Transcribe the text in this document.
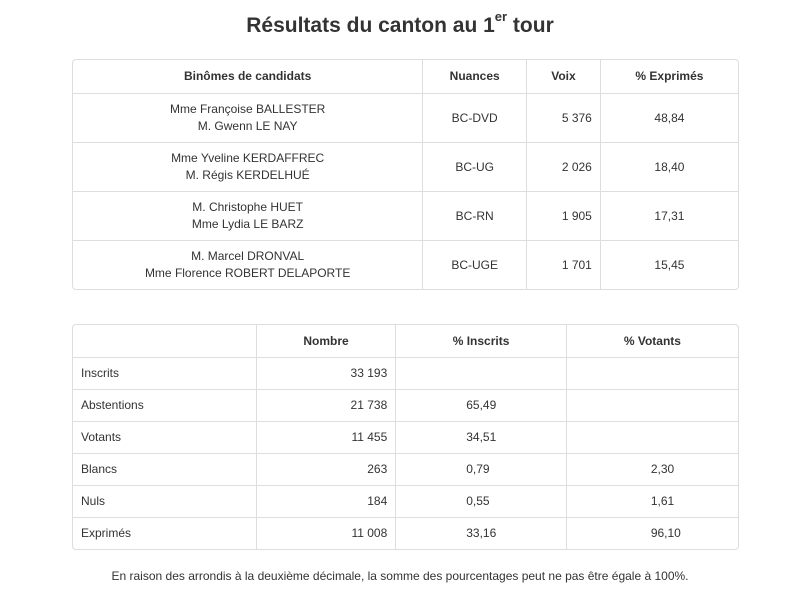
Résultats du canton au 1er tour
Binômes de candidats	Nuances	Voix	% Exprimés

Mme Françoise BALLESTER
M. Gwenn LE NAY	BC-DVD	5 376	48,84

Mme Yveline KERDAFFREC
M. Régis KERDELHUÉ	BC-UG	2 026	18,40

M. Christophe HUET
Mme Lydia LE BARZ	BC-RN	1 905	17,31

M. Marcel DRONVAL
Mme Florence ROBERT DELAPORTE	BC-UGE	1 701	15,45
	Nombre	% Inscrits	% Votants
Inscrits	33 193		
Abstentions	21 738	65,49	
Votants	11 455	34,51	
Blancs	263	0,79	2,30
Nuls	184	0,55	1,61
Exprimés	11 008	33,16	96,10
En raison des arrondis à la deuxième décimale, la somme des pourcentages peut ne pas être égale à 100%.
